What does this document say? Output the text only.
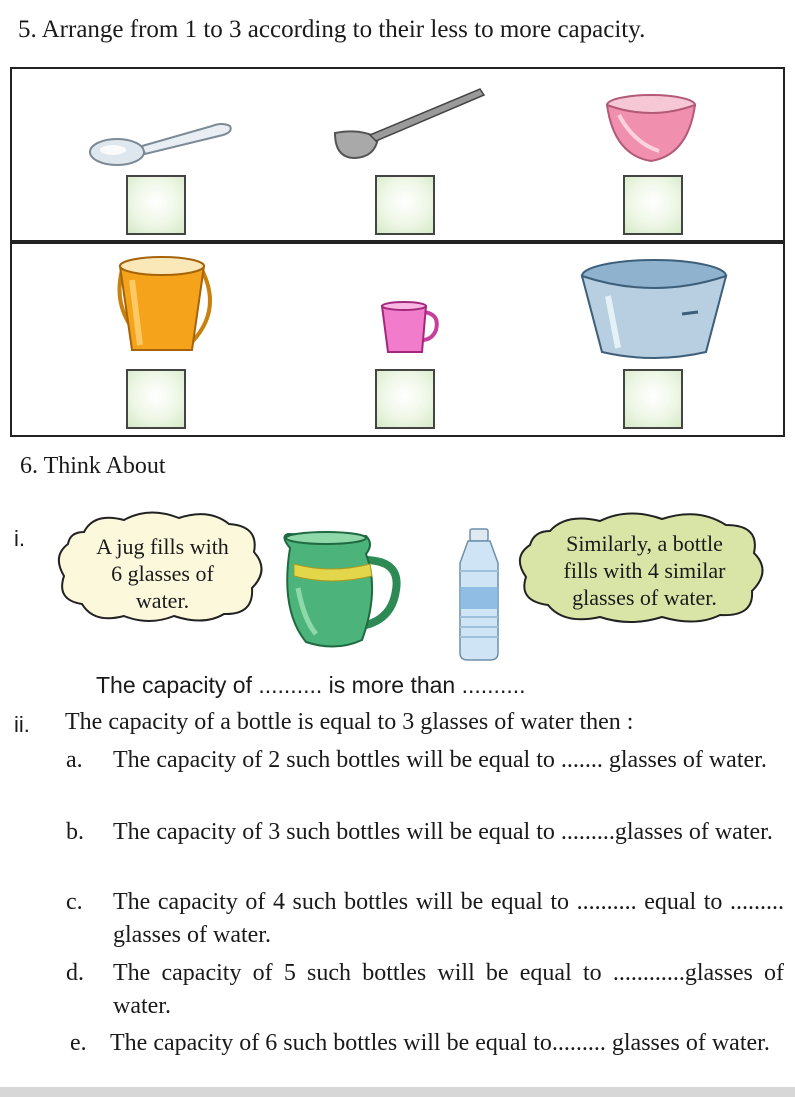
5. Arrange from 1 to 3 according to their less to more capacity.
6. Think About
i.	A jug fills with
6 glasses of
water.
Similarly, a bottle
fills with 4 similar
glasses of water.
The capacity of .......... is more than ..........
ii. The capacity of a bottle is equal to 3 glasses of water then :
a. The capacity of 2 such bottles will be equal to ....... glasses of water.
b. The capacity of 3 such bottles will be equal to .........glasses of water.
c. The capacity of 4 such bottles will be equal to .......... equal to ......... glasses of water.
d. The capacity of 5 such bottles will be equal to ............glasses of water.
e. The capacity of 6 such bottles will be equal to......... glasses of water.
